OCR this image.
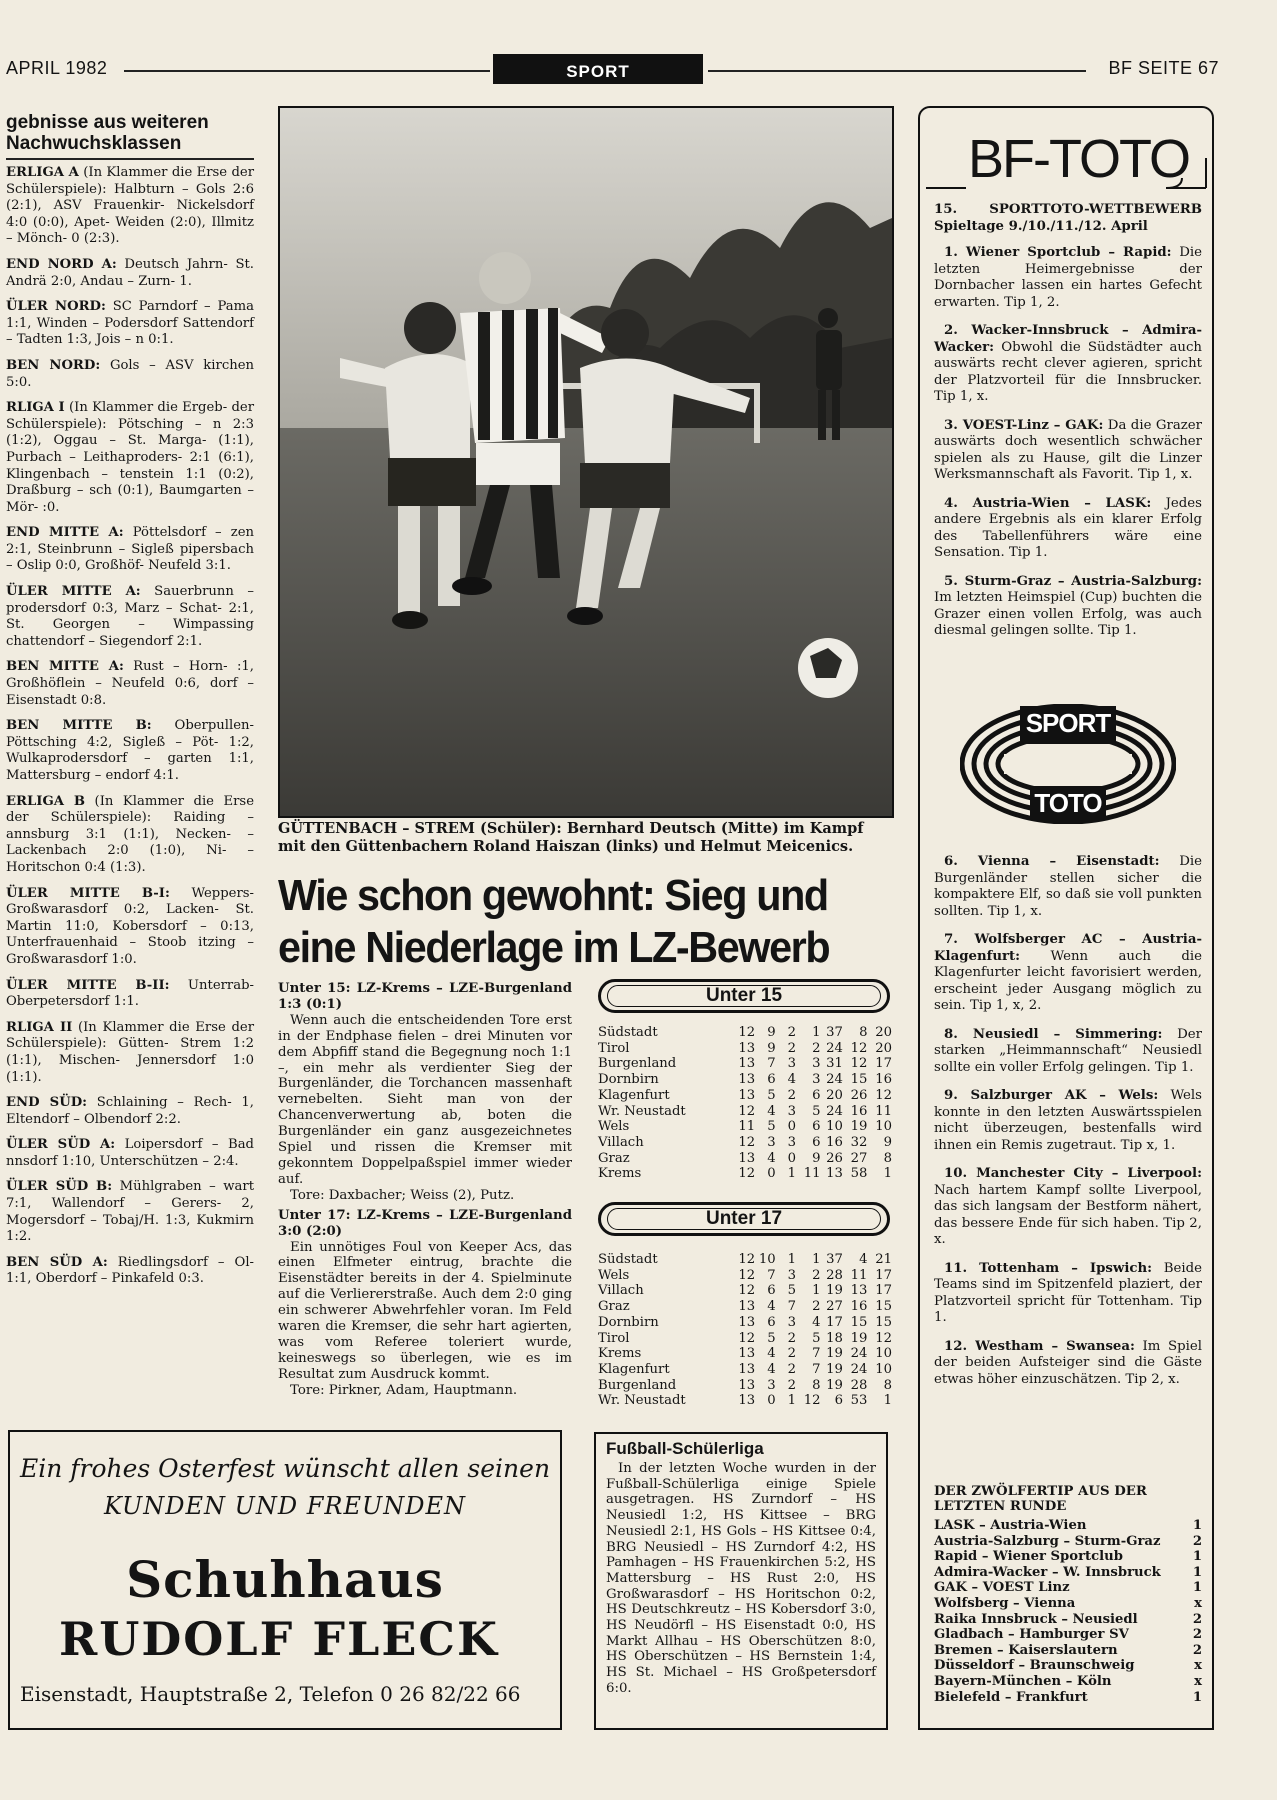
APRIL 1982	SPORT	BF SEITE 67
gebnisse aus weiteren Nachwuchsklassen

ERLIGA A (In Klammer die Erse der Schülerspiele): Halbturn – Gols 2:6 (2:1), ASV Frauenkir- Nickelsdorf 4:0 (0:0), Apet- Weiden (2:0), Illmitz – Mönch- 0 (2:3).

END NORD A: Deutsch Jahrn- St. Andrä 2:0, Andau – Zurn- 1.

ÜLER NORD: SC Parndorf – Pama 1:1, Winden – Podersdorf Sattendorf – Tadten 1:3, Jois – n 0:1.

BEN NORD: Gols – ASV kirchen 5:0.

RLIGA I (In Klammer die Ergeb- der Schülerspiele): Pötsching – n 2:3 (1:2), Oggau – St. Marga- (1:1), Purbach – Leithaproders- 2:1 (6:1), Klingenbach – tenstein 1:1 (0:2), Draßburg – sch (0:1), Baumgarten – Mör- :0.

END MITTE A: Pöttelsdorf – zen 2:1, Steinbrunn – Sigleß pipersbach – Oslip 0:0, Großhöf- Neufeld 3:1.

ÜLER MITTE A: Sauerbrunn – prodersdorf 0:3, Marz – Schat- 2:1, St. Georgen – Wimpassing chattendorf – Siegendorf 2:1.

BEN MITTE A: Rust – Horn- :1, Großhöflein – Neufeld 0:6, dorf – Eisenstadt 0:8.

BEN MITTE B: Oberpullen- Pöttsching 4:2, Sigleß – Pöt- 1:2, Wulkaprodersdorf – garten 1:1, Mattersburg – endorf 4:1.

ERLIGA B (In Klammer die Erse der Schülerspiele): Raiding – annsburg 3:1 (1:1), Necken- – Lackenbach 2:0 (1:0), Ni- – Horitschon 0:4 (1:3).

ÜLER MITTE B-I: Weppers- Großwarasdorf 0:2, Lacken- St. Martin 11:0, Kobersdorf – 0:13, Unterfrauenhaid – Stoob itzing – Großwarasdorf 1:0.

ÜLER MITTE B-II: Unterrab- Oberpetersdorf 1:1.

RLIGA II (In Klammer die Erse der Schülerspiele): Gütten- Strem 1:2 (1:1), Mischen- Jennersdorf 1:0 (1:1).

END SÜD: Schlaining – Rech- 1, Eltendorf – Olbendorf 2:2.

ÜLER SÜD A: Loipersdorf – Bad nnsdorf 1:10, Unterschützen – 2:4.

ÜLER SÜD B: Mühlgraben – wart 7:1, Wallendorf – Gerers- 2, Mogersdorf – Tobaj/H. 1:3, Kukmirn 1:2.

BEN SÜD A: Riedlingsdorf – Ol- 1:1, Oberdorf – Pinkafeld 0:3.

GÜTTENBACH – STREM (Schüler): Bernhard Deutsch (Mitte) im Kampf mit den Güttenbachern Roland Haiszan (links) und Helmut Meicenics.
Wie schon gewohnt: Sieg und
eine Niederlage im LZ-Bewerb

Unter 15: LZ-Krems – LZE-Burgenland 1:3 (0:1)

Wenn auch die entscheidenden Tore erst in der Endphase fielen – drei Minuten vor dem Abpfiff stand die Begegnung noch 1:1 –, ein mehr als verdienter Sieg der Burgenländer, die Torchancen massenhaft vernebelten. Sieht man von der Chancenverwertung ab, boten die Burgenländer ein ganz ausgezeichnetes Spiel und rissen die Kremser mit gekonntem Doppelpaßspiel immer wieder auf.

Tore: Daxbacher; Weiss (2), Putz.

Unter 17: LZ-Krems – LZE-Burgenland 3:0 (2:0)

Ein unnötiges Foul von Keeper Acs, das einen Elfmeter eintrug, brachte die Eisenstädter bereits in der 4. Spielminute auf die Verliererstraße. Auch dem 2:0 ging ein schwerer Abwehrfehler voran. Im Feld waren die Kremser, die sehr hart agierten, was vom Referee toleriert wurde, keineswegs so überlegen, wie es im Resultat zum Ausdruck kommt.

Tore: Pirkner, Adam, Hauptmann.

Unter 15
Südstadt	12	9	2	1	37	8	20
Tirol	13	9	2	2	24	12	20
Burgenland	13	7	3	3	31	12	17
Dornbirn	13	6	4	3	24	15	16
Klagenfurt	13	5	2	6	20	26	12
Wr. Neustadt	12	4	3	5	24	16	11
Wels	11	5	0	6	10	19	10
Villach	12	3	3	6	16	32	9
Graz	13	4	0	9	26	27	8
Krems	12	0	1	11	13	58	1
Unter 17
Südstadt	12	10	1	1	37	4	21
Wels	12	7	3	2	28	11	17
Villach	12	6	5	1	19	13	17
Graz	13	4	7	2	27	16	15
Dornbirn	13	6	3	4	17	15	15
Tirol	12	5	2	5	18	19	12
Krems	13	4	2	7	19	24	10
Klagenfurt	13	4	2	7	19	24	10
Burgenland	13	3	2	8	19	28	8
Wr. Neustadt	13	0	1	12	6	53	1
Fußball-Schülerliga

In der letzten Woche wurden in der Fußball-Schülerliga einige Spiele ausgetragen. HS Zurndorf – HS Neusiedl 1:2, HS Kittsee – BRG Neusiedl 2:1, HS Gols – HS Kittsee 0:4, BRG Neusiedl – HS Zurndorf 4:2, HS Pamhagen – HS Frauenkirchen 5:2, HS Mattersburg – HS Rust 2:0, HS Großwarasdorf – HS Horitschon 0:2, HS Deutschkreutz – HS Kobersdorf 3:0, HS Neudörfl – HS Eisenstadt 0:0, HS Markt Allhau – HS Oberschützen 8:0, HS Oberschützen – HS Bernstein 1:4, HS St. Michael – HS Großpetersdorf 6:0.

Ein frohes Osterfest wünscht allen seinen
KUNDEN UND FREUNDEN
Schuhhaus
RUDOLF FLECK
Eisenstadt, Hauptstraße 2, Telefon 0 26 82/22 66
BF-TOTO

15. SPORTTOTO-WETTBEWERB Spieltage 9./10./11./12. April

1. Wiener Sportclub – Rapid: Die letzten Heimergebnisse der Dornbacher lassen ein hartes Gefecht erwarten. Tip 1, 2.

2. Wacker-Innsbruck – Admira-Wacker: Obwohl die Südstädter auch auswärts recht clever agieren, spricht der Platzvorteil für die Innsbrucker. Tip 1, x.

3. VOEST-Linz – GAK: Da die Grazer auswärts doch wesentlich schwächer spielen als zu Hause, gilt die Linzer Werksmannschaft als Favorit. Tip 1, x.

4. Austria-Wien – LASK: Jedes andere Ergebnis als ein klarer Erfolg des Tabellenführers wäre eine Sensation. Tip 1.

5. Sturm-Graz – Austria-Salzburg: Im letzten Heimspiel (Cup) buchten die Grazer einen vollen Erfolg, was auch diesmal gelingen sollte. Tip 1.

SPORT
TOTO

6. Vienna – Eisenstadt: Die Burgenländer stellen sicher die kompaktere Elf, so daß sie voll punkten sollten. Tip 1, x.

7. Wolfsberger AC – Austria-Klagenfurt: Wenn auch die Klagenfurter leicht favorisiert werden, erscheint jeder Ausgang möglich zu sein. Tip 1, x, 2.

8. Neusiedl – Simmering: Der starken „Heimmannschaft“ Neusiedl sollte ein voller Erfolg gelingen. Tip 1.

9. Salzburger AK – Wels: Wels konnte in den letzten Auswärtsspielen nicht überzeugen, bestenfalls wird ihnen ein Remis zugetraut. Tip x, 1.

10. Manchester City – Liverpool: Nach hartem Kampf sollte Liverpool, das sich langsam der Bestform nähert, das bessere Ende für sich haben. Tip 2, x.

11. Tottenham – Ipswich: Beide Teams sind im Spitzenfeld plaziert, der Platzvorteil spricht für Tottenham. Tip 1.

12. Westham – Swansea: Im Spiel der beiden Aufsteiger sind die Gäste etwas höher einzuschätzen. Tip 2, x.

DER ZWÖLFERTIP AUS DER LETZTEN RUNDE
LASK – Austria-Wien	1
Austria-Salzburg – Sturm-Graz	2
Rapid – Wiener Sportclub	1
Admira-Wacker – W. Innsbruck	1
GAK – VOEST Linz	1
Wolfsberg – Vienna	x
Raika Innsbruck – Neusiedl	2
Gladbach – Hamburger SV	2
Bremen – Kaiserslautern	2
Düsseldorf – Braunschweig	x
Bayern-München – Köln	x
Bielefeld – Frankfurt	1
